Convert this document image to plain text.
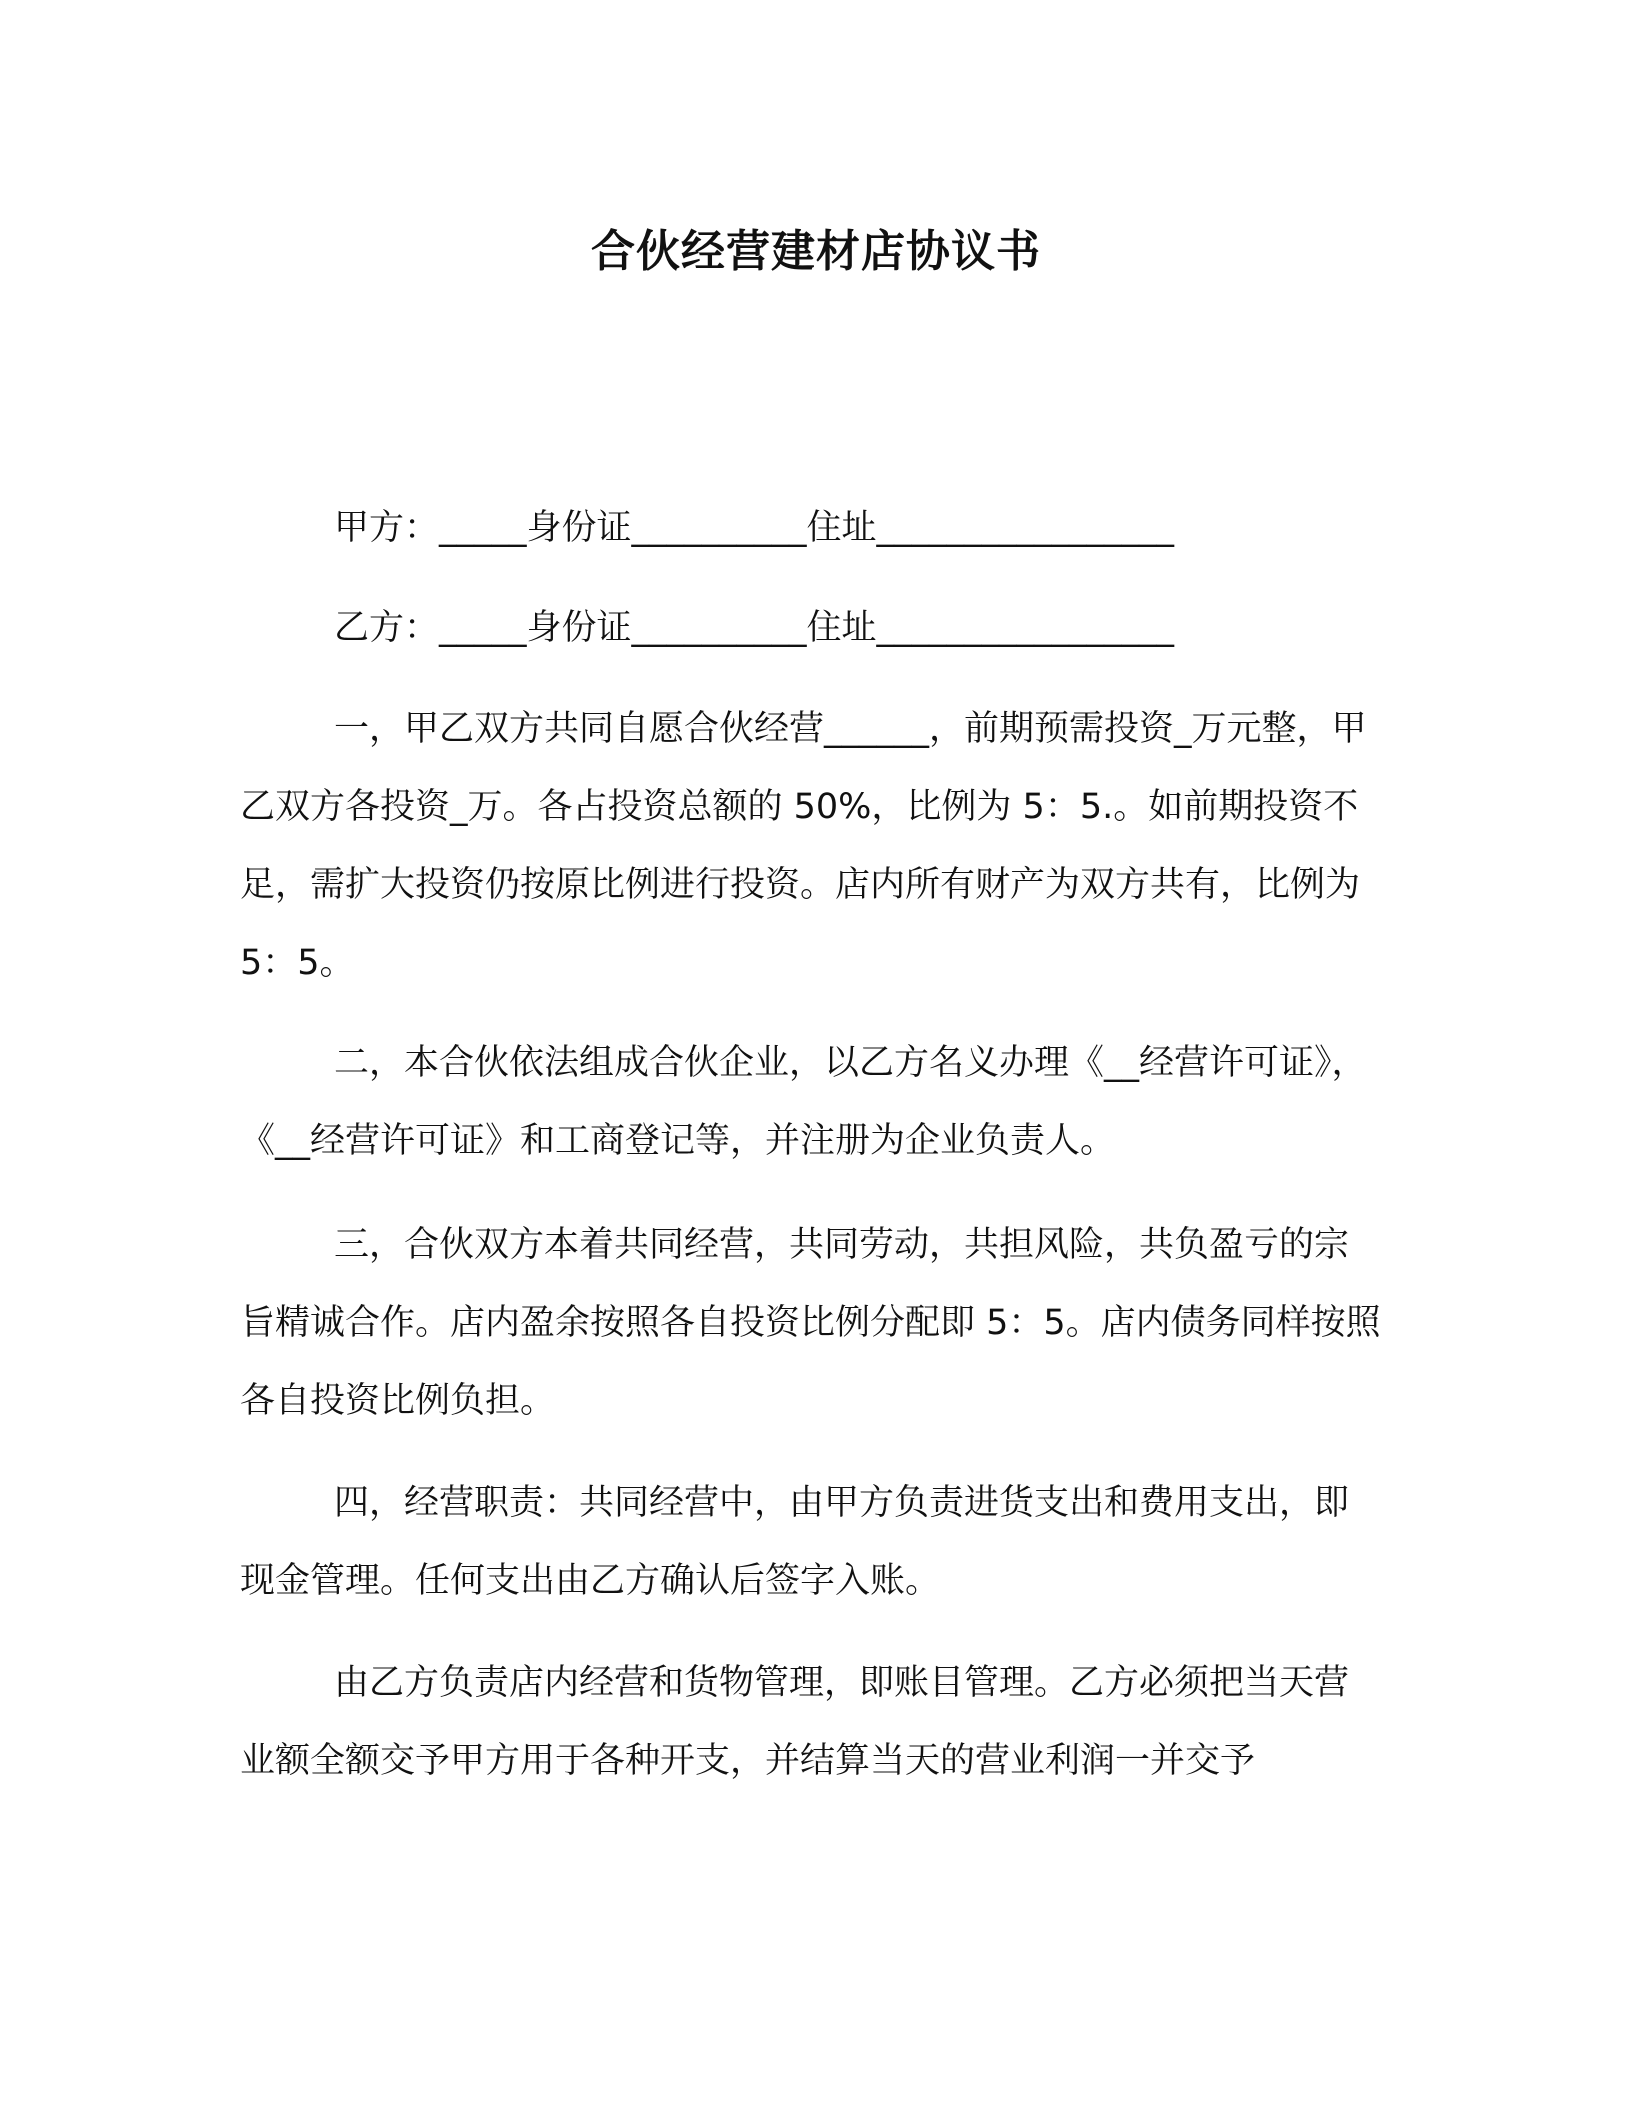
合伙经营建材店协议书
甲方：_____身份证__________住址_________________
乙方：_____身份证__________住址_________________

一，甲乙双方共同自愿合伙经营______，前期预需投资_万元整，甲乙双方各投资_万。各占投资总额的 50%，比例为 5：5.。如前期投资不足，需扩大投资仍按原比例进行投资。店内所有财产为双方共有，比例为 5：5。

二，本合伙依法组成合伙企业，以乙方名义办理《__经营许可证》，《__经营许可证》和工商登记等，并注册为企业负责人。

三，合伙双方本着共同经营，共同劳动，共担风险，共负盈亏的宗旨精诚合作。店内盈余按照各自投资比例分配即 5：5。店内债务同样按照各自投资比例负担。

四，经营职责：共同经营中，由甲方负责进货支出和费用支出，即现金管理。任何支出由乙方确认后签字入账。

由乙方负责店内经营和货物管理，即账目管理。乙方必须把当天营业额全额交予甲方用于各种开支，并结算当天的营业利润一并交予
